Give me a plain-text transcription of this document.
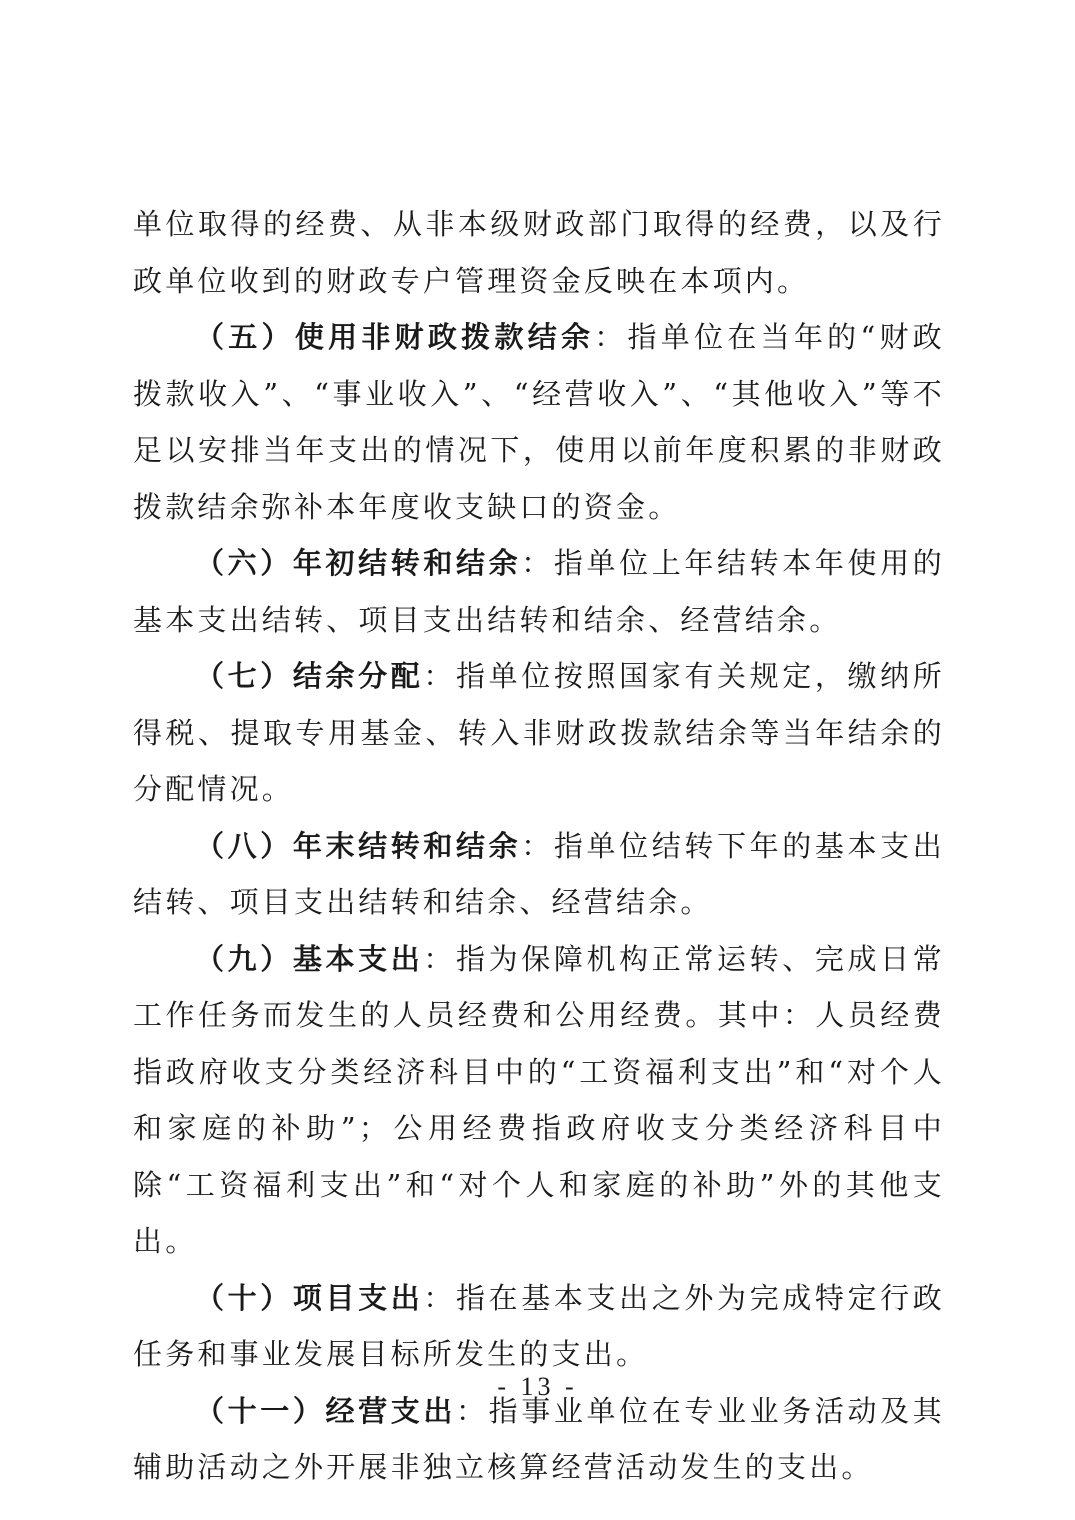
单位取得的经费、从非本级财政部门取得的经费，以及行政单位收到的财政专户管理资金反映在本项内。

（五）使用非财政拨款结余：指单位在当年的“财政拨款收入”、“事业收入”、“经营收入”、“其他收入”等不足以安排当年支出的情况下，使用以前年度积累的非财政拨款结余弥补本年度收支缺口的资金。

（六）年初结转和结余：指单位上年结转本年使用的基本支出结转、项目支出结转和结余、经营结余。

（七）结余分配：指单位按照国家有关规定，缴纳所得税、提取专用基金、转入非财政拨款结余等当年结余的分配情况。

（八）年末结转和结余：指单位结转下年的基本支出结转、项目支出结转和结余、经营结余。

（九）基本支出：指为保障机构正常运转、完成日常工作任务而发生的人员经费和公用经费。其中：人员经费指政府收支分类经济科目中的“工资福利支出”和“对个人和家庭的补助”；公用经费指政府收支分类经济科目中除“工资福利支出”和“对个人和家庭的补助”外的其他支出。

（十）项目支出：指在基本支出之外为完成特定行政任务和事业发展目标所发生的支出。

（十一）经营支出：指事业单位在专业业务活动及其辅助活动之外开展非独立核算经营活动发生的支出。

- 13 -
